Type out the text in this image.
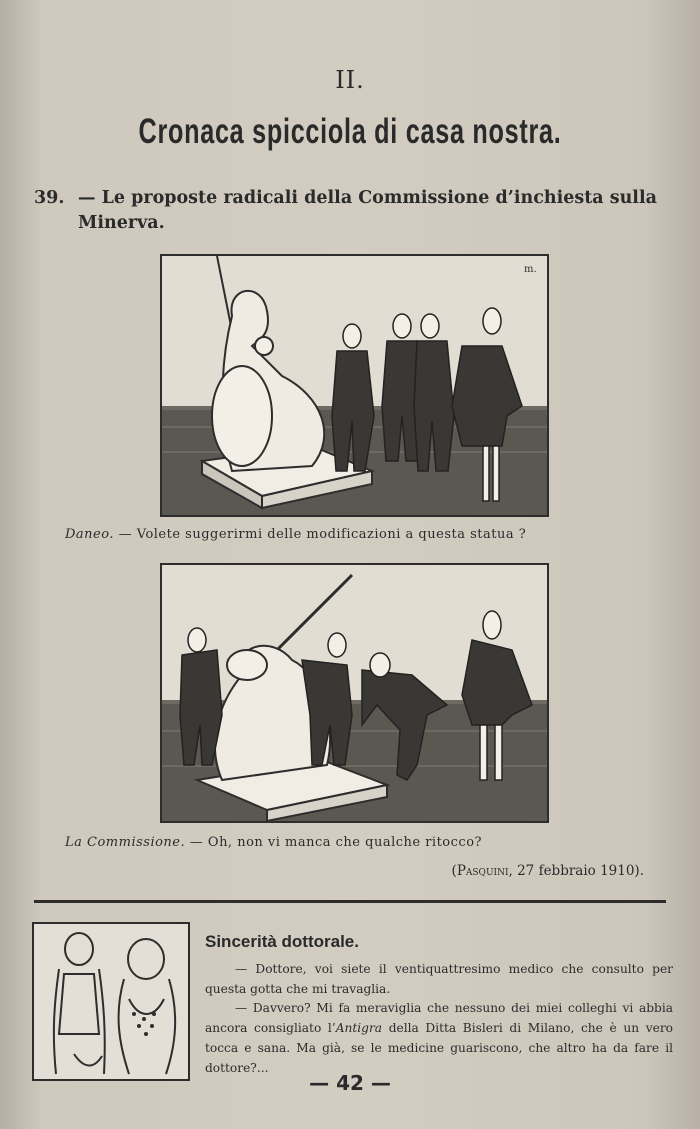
II.
Cronaca spicciola di casa nostra.
39. — Le proposte radicali della Commissione d’inchiesta sulla
Minerva.
m.
Daneo. — Volete suggerirmi delle modificazioni a questa statua ?
La Commissione. — Oh, non vi manca che qualche ritocco?
(Pasquini, 27 febbraio 1910).
Sincerità dottorale.

— Dottore, voi siete il ventiquattresimo medico che consulto per questa gotta che mi travaglia.

— Davvero? Mi fa meraviglia che nessuno dei miei colleghi vi abbia ancora consigliato l’Antigra della Ditta Bisleri di Milano, che è un vero tocca e sana. Ma già, se le medicine guariscono, che altro ha da fare il dottore?...

— 42 —
